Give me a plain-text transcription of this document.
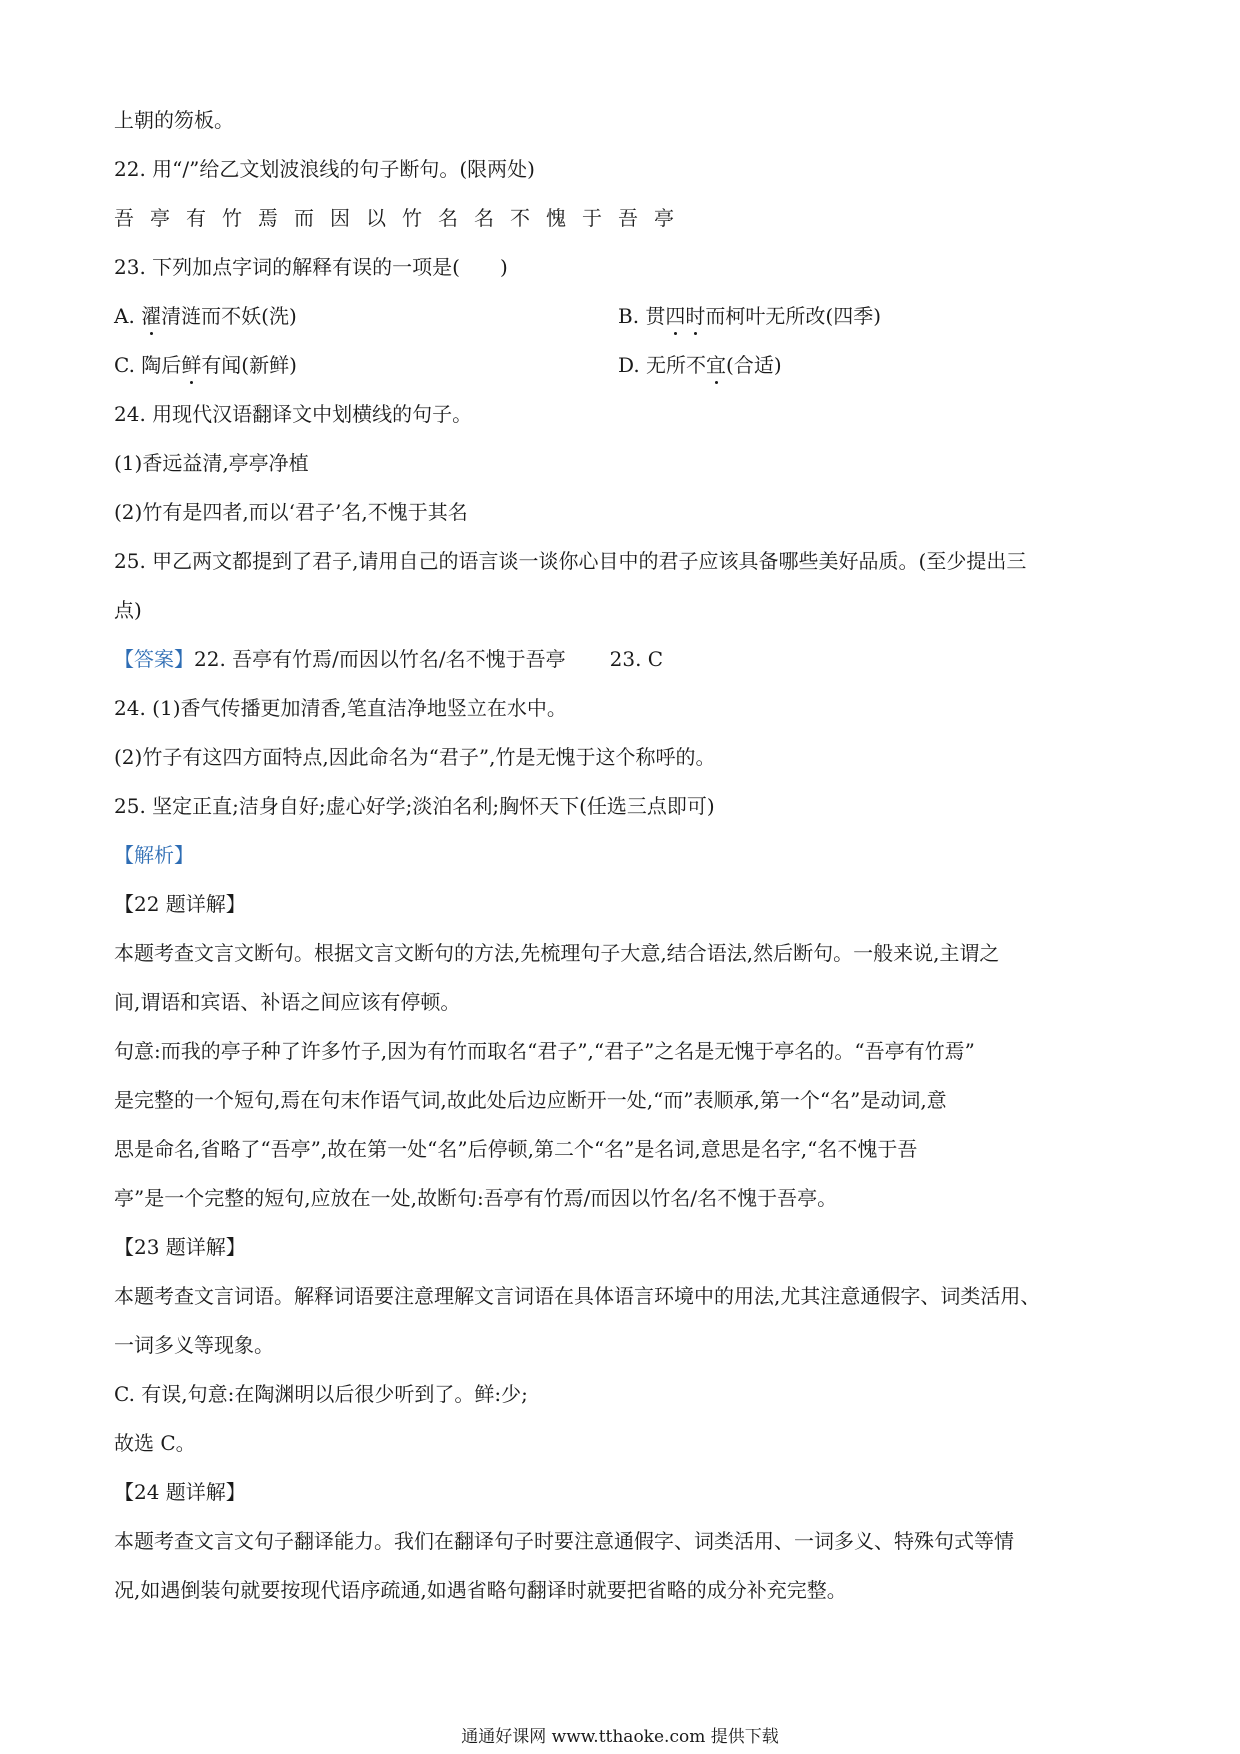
上朝的笏板。
22. 用“/”给乙文划波浪线的句子断句。(限两处)
吾亭有竹焉而因以竹名名不愧于吾亭
23. 下列加点字词的解释有误的一项是(　　)
A. 濯清涟而不妖(洗)	B. 贯四时而柯叶无所改(四季)
C. 陶后鲜有闻(新鲜)	D. 无所不宜(合适)
24. 用现代汉语翻译文中划横线的句子。
(1)香远益清,亭亭净植
(2)竹有是四者,而以‘君子’名,不愧于其名
25. 甲乙两文都提到了君子,请用自己的语言谈一谈你心目中的君子应该具备哪些美好品质。(至少提出三
点)
【答案】22. 吾亭有竹焉/而因以竹名/名不愧于吾亭 23. C
24. (1)香气传播更加清香,笔直洁净地竖立在水中。
(2)竹子有这四方面特点,因此命名为“君子”,竹是无愧于这个称呼的。
25. 坚定正直;洁身自好;虚心好学;淡泊名利;胸怀天下(任选三点即可)
【解析】
【22 题详解】
本题考查文言文断句。根据文言文断句的方法,先梳理句子大意,结合语法,然后断句。一般来说,主谓之
间,谓语和宾语、补语之间应该有停顿。
句意:而我的亭子种了许多竹子,因为有竹而取名“君子”,“君子”之名是无愧于亭名的。“吾亭有竹焉”
是完整的一个短句,焉在句末作语气词,故此处后边应断开一处,“而”表顺承,第一个“名”是动词,意
思是命名,省略了“吾亭”,故在第一处“名”后停顿,第二个“名”是名词,意思是名字,“名不愧于吾
亭”是一个完整的短句,应放在一处,故断句:吾亭有竹焉/而因以竹名/名不愧于吾亭。
【23 题详解】
本题考查文言词语。解释词语要注意理解文言词语在具体语言环境中的用法,尤其注意通假字、词类活用、
一词多义等现象。
C. 有误,句意:在陶渊明以后很少听到了。鲜:少;
故选 C。
【24 题详解】
本题考查文言文句子翻译能力。我们在翻译句子时要注意通假字、词类活用、一词多义、特殊句式等情
况,如遇倒装句就要按现代语序疏通,如遇省略句翻译时就要把省略的成分补充完整。
通通好课网 www.tthaoke.com 提供下载
